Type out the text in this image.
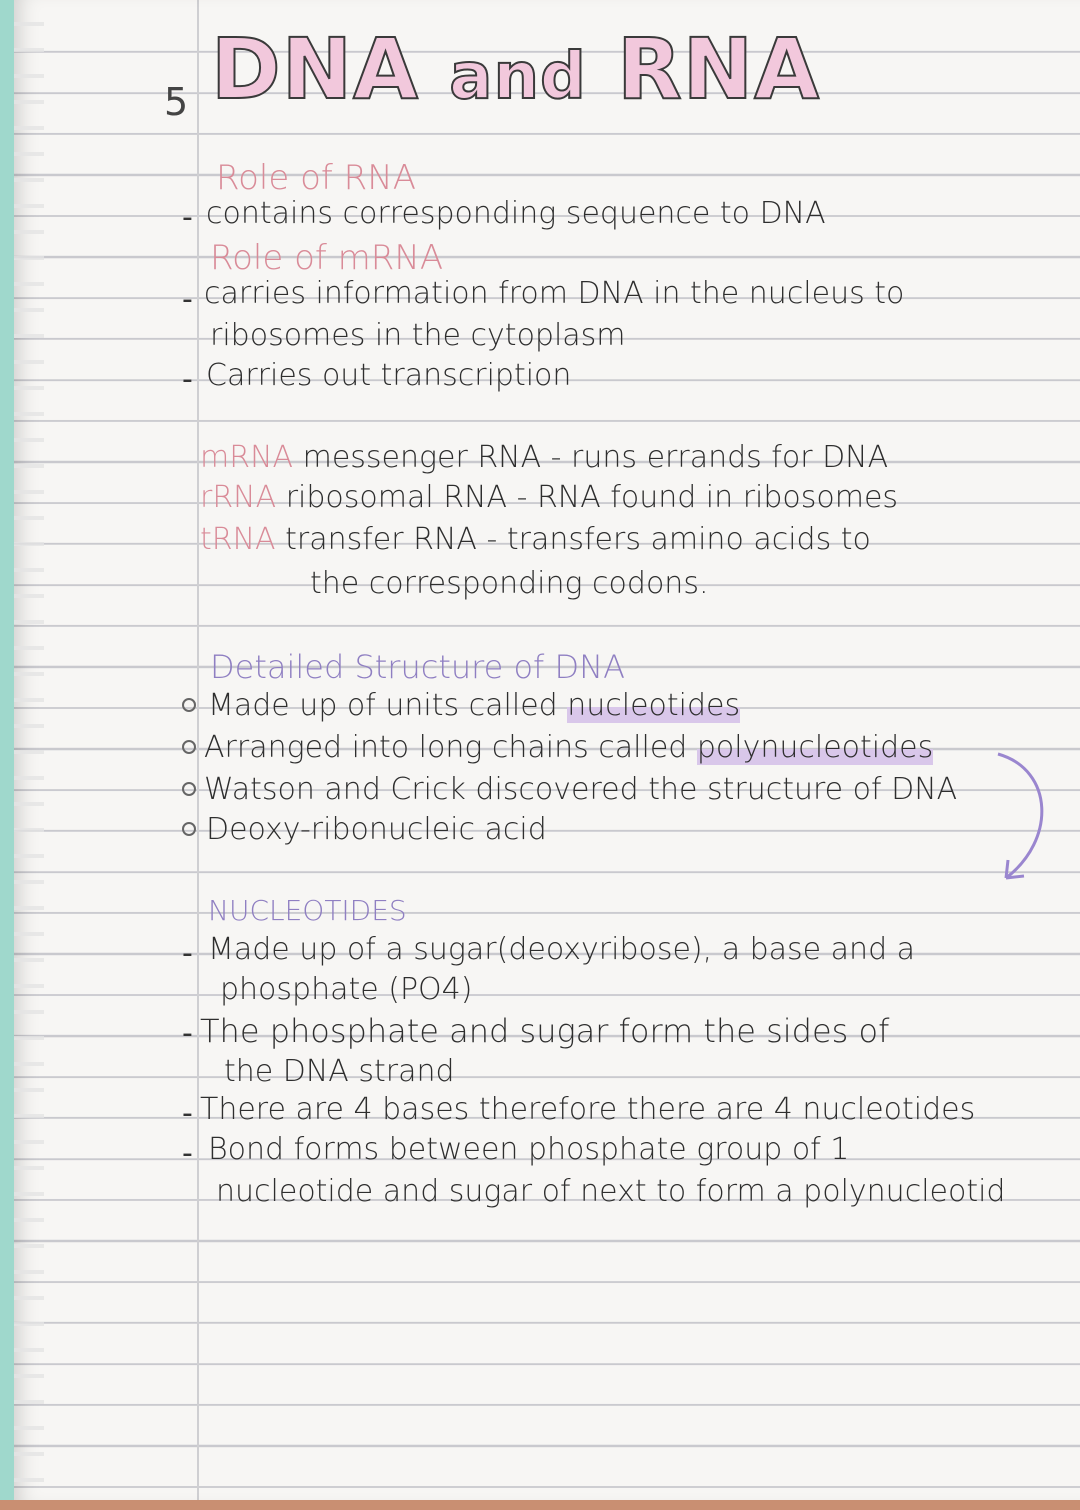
5 DNA and RNA
Role of RNA
- contains corresponding sequence to DNA
Role of mRNA
- carries information from DNA in the nucleus to
ribosomes in the cytoplasm
- Carries out transcription
mRNA messenger RNA - runs errands for DNA
rRNA ribosomal RNA - RNA found in ribosomes
tRNA transfer RNA - transfers amino acids to
the corresponding codons.
Detailed Structure of DNA
Made up of units called nucleotides
Arranged into long chains called polynucleotides
Watson and Crick discovered the structure of DNA
Deoxy-ribonucleic acid
NUCLEOTIDES
- Made up of a sugar(deoxyribose), a base and a
phosphate (PO4)
- The phosphate and sugar form the sides of
the DNA strand
- There are 4 bases therefore there are 4 nucleotides
- Bond forms between phosphate group of 1
nucleotide and sugar of next to form a polynucleotid
